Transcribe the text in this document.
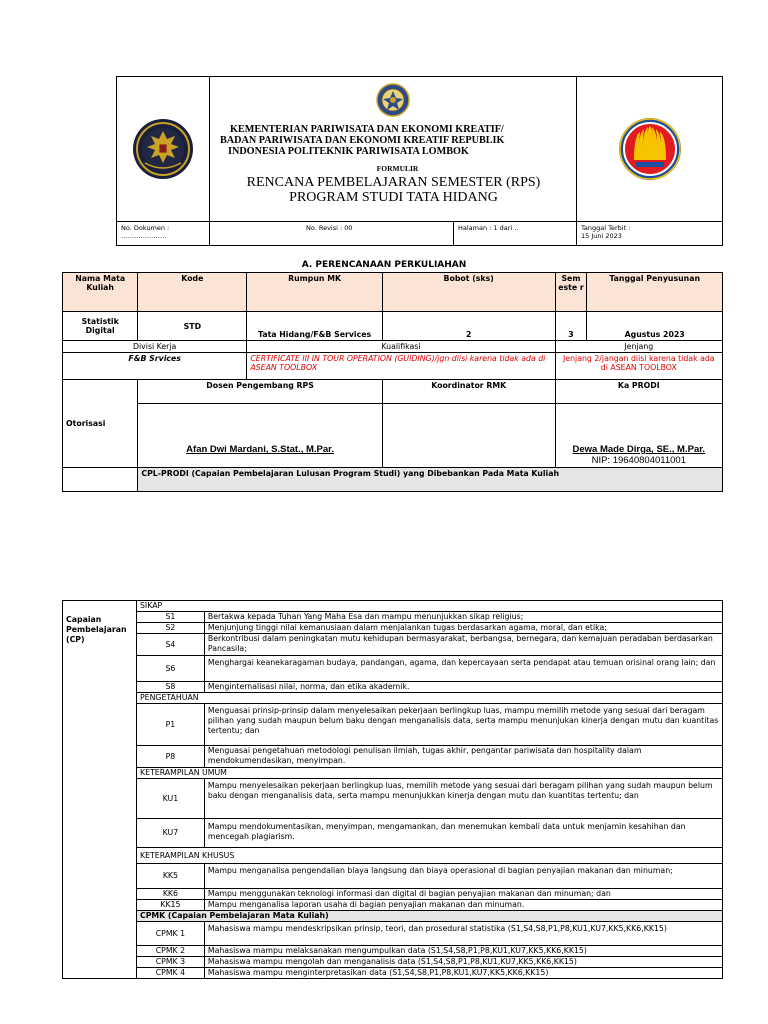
KEMENTERIAN PARIWISATA DAN EKONOMI KREATIF/
BADAN PARIWISATA DAN EKONOMI KREATIF REPUBLIK
INDONESIA POLITEKNIK PARIWISATA LOMBOK
FORMULIR
RENCANA PEMBELAJARAN SEMESTER (RPS)
PROGRAM STUDI TATA HIDANG
No. Dokumen :
…………………
No. Revisi : 00	Halaman : 1 dari ..	Tanggal Terbit :
15 Juni 2023
A. PERENCANAAN PERKULIAHAN
Nama Mata Kuliah	Kode	Rumpun MK	Bobot (sks)	Sem este r	Tanggal Penyusunan
Statistik Digital	STD	Tata Hidang/F&B Services	2	3	Agustus 2023
Divisi Kerja		Kualifikasi		Jenjang	
F&B Srvices		CERTIFICATE III IN TOUR OPERATION (GUIDING)/jgn diisi karena tidak ada di ASEAN TOOLBOX		Jenjang 2/jangan diisi karena tidak ada di ASEAN TOOLBOX	
Otorisasi	Dosen Pengembang RPS		Koordinator RMK	Ka PRODI	
	Afan Dwi Mardani, S.Stat., M.Par.			Dewa Made Dirga, SE., M.Par.
NIP: 19640804011001	

	CPL-PRODI (Capaian Pembelajaran Lulusan Program Studi) yang Dibebankan Pada Mata Kuliah				
Capaian Pembelajaran (CP)	SIKAP	
	S1	Bertakwa kepada Tuhan Yang Maha Esa dan mampu menunjukkan sikap religius;
	S2	Menjunjung tinggi nilai kemanusiaan dalam menjalankan tugas berdasarkan agama, moral, dan etika;
	S4	Berkontribusi dalam peningkatan mutu kehidupan bermasyarakat, berbangsa, bernegara, dan kemajuan peradaban berdasarkan Pancasila;
	S6	Menghargai keanekaragaman budaya, pandangan, agama, dan kepercayaan serta pendapat atau temuan orisinal orang lain; dan
	S8	Menginternalisasi nilai, norma, dan etika akademik.
	PENGETAHUAN	
	P1	Menguasai prinsip-prinsip dalam menyelesaikan pekerjaan berlingkup luas, mampu memilih metode yang sesuai dari beragam pilihan yang sudah maupun belum baku dengan menganalisis data, serta mampu menunjukan kinerja dengan mutu dan kuantitas tertentu; dan
	P8	Menguasai pengetahuan metodologi penulisan ilmiah, tugas akhir, pengantar pariwisata dan hospitality dalam mendokumendasikan, menyimpan.
	KETERAMPILAN UMUM	
	KU1	Mampu menyelesaikan pekerjaan berlingkup luas, memilih metode yang sesuai dari beragam pilihan yang sudah maupun belum baku dengan menganalisis data, serta mampu menunjukkan kinerja dengan mutu dan kuantitas tertentu; dan
	KU7	Mampu mendokumentasikan, menyimpan, mengamankan, dan menemukan kembali data untuk menjamin kesahihan dan mencegah plagiarism.
	KETERAMPILAN KHUSUS	
	KK5	Mampu menganalisa pengendalian biaya langsung dan biaya operasional di bagian penyajian makanan dan minuman;
	KK6	Mampu menggunakan teknologi informasi dan digital di bagian penyajian makanan dan minuman; dan
	KK15	Mampu menganalisa laporan usaha di bagian penyajian makanan dan minuman.
	CPMK (Capaian Pembelajaran Mata Kuliah)	
	CPMK 1	Mahasiswa mampu mendeskripsikan prinsip, teori, dan prosedural statistika (S1,S4,S8,P1,P8,KU1,KU7,KK5,KK6,KK15)
	CPMK 2	Mahasiswa mampu melaksanakan mengumpulkan data (S1,S4,S8,P1,P8,KU1,KU7,KK5,KK6,KK15)
	CPMK 3	Mahasiswa mampu mengolah dan menganalisis data (S1,S4,S8,P1,P8,KU1,KU7,KK5,KK6,KK15)
	CPMK 4	Mahasiswa mampu menginterpretasikan data (S1,S4,S8,P1,P8,KU1,KU7,KK5,KK6,KK15)
